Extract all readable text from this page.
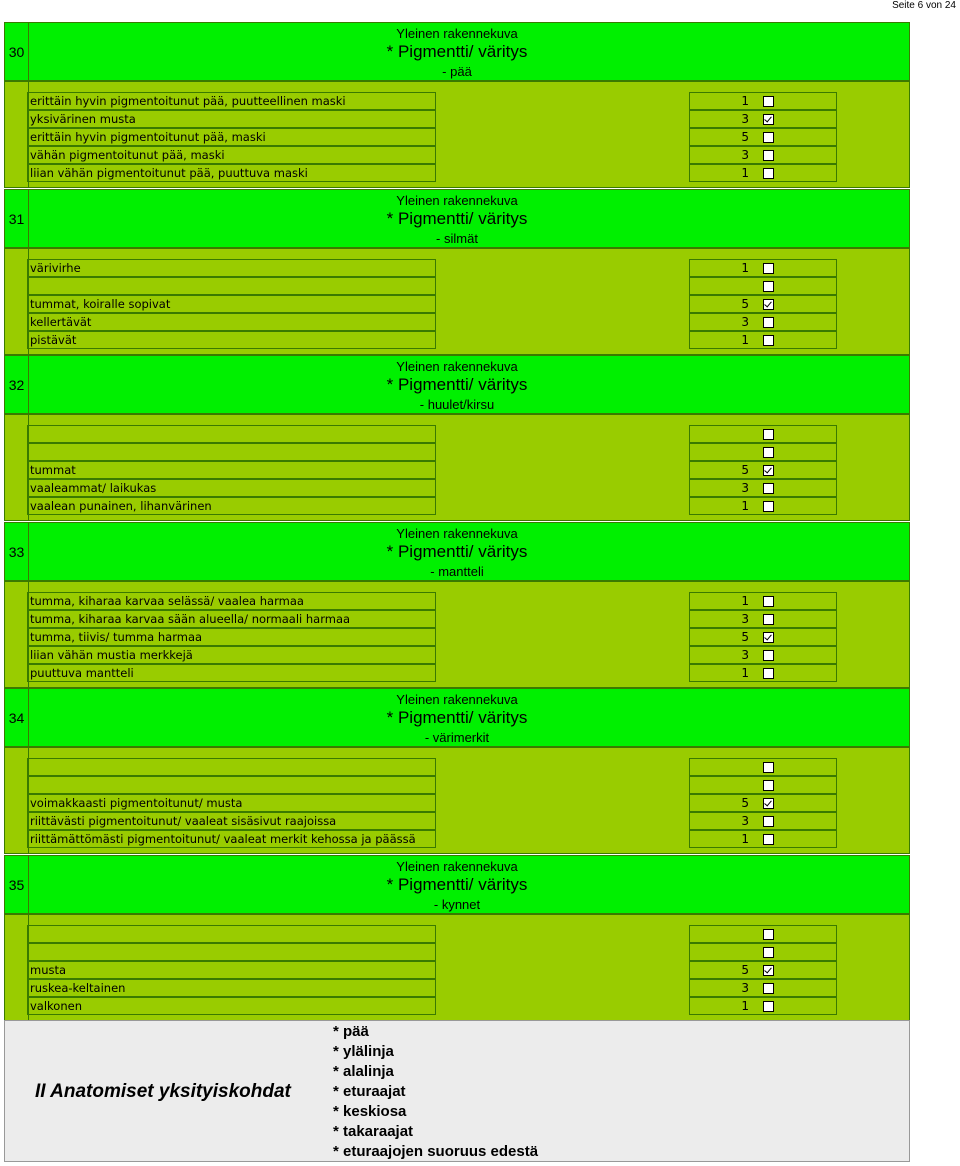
Seite 6 von 24
30
Yleinen rakennekuva
* Pigmentti/ väritys
- pää
erittäin hyvin pigmentoitunut pää, puutteellinen maski	1
yksivärinen musta	3
erittäin hyvin pigmentoitunut pää, maski	5
vähän pigmentoitunut pää, maski	3
liian vähän pigmentoitunut pää, puuttuva maski	1
31
Yleinen rakennekuva
* Pigmentti/ väritys
- silmät
värivirhe	1
tummat, koiralle sopivat	5
kellertävät	3
pistävät	1
32
Yleinen rakennekuva
* Pigmentti/ väritys
- huulet/kirsu
tummat	5
vaaleammat/ laikukas	3
vaalean punainen, lihanvärinen	1
33
Yleinen rakennekuva
* Pigmentti/ väritys
- mantteli
tumma, kiharaa karvaa selässä/ vaalea harmaa	1
tumma, kiharaa karvaa sään alueella/ normaali harmaa	3
tumma, tiivis/ tumma harmaa	5
liian vähän mustia merkkejä	3
puuttuva mantteli	1
34
Yleinen rakennekuva
* Pigmentti/ väritys
- värimerkit
voimakkaasti pigmentoitunut/ musta	5
riittävästi pigmentoitunut/ vaaleat sisäsivut raajoissa	3
riittämättömästi pigmentoitunut/ vaaleat merkit kehossa ja päässä	1
35
Yleinen rakennekuva
* Pigmentti/ väritys
- kynnet
musta	5
ruskea-keltainen	3
valkonen	1
II Anatomiset yksityiskohdat
* pää
* ylälinja
* alalinja
* eturaajat
* keskiosa
* takaraajat
* eturaajojen suoruus edestä
